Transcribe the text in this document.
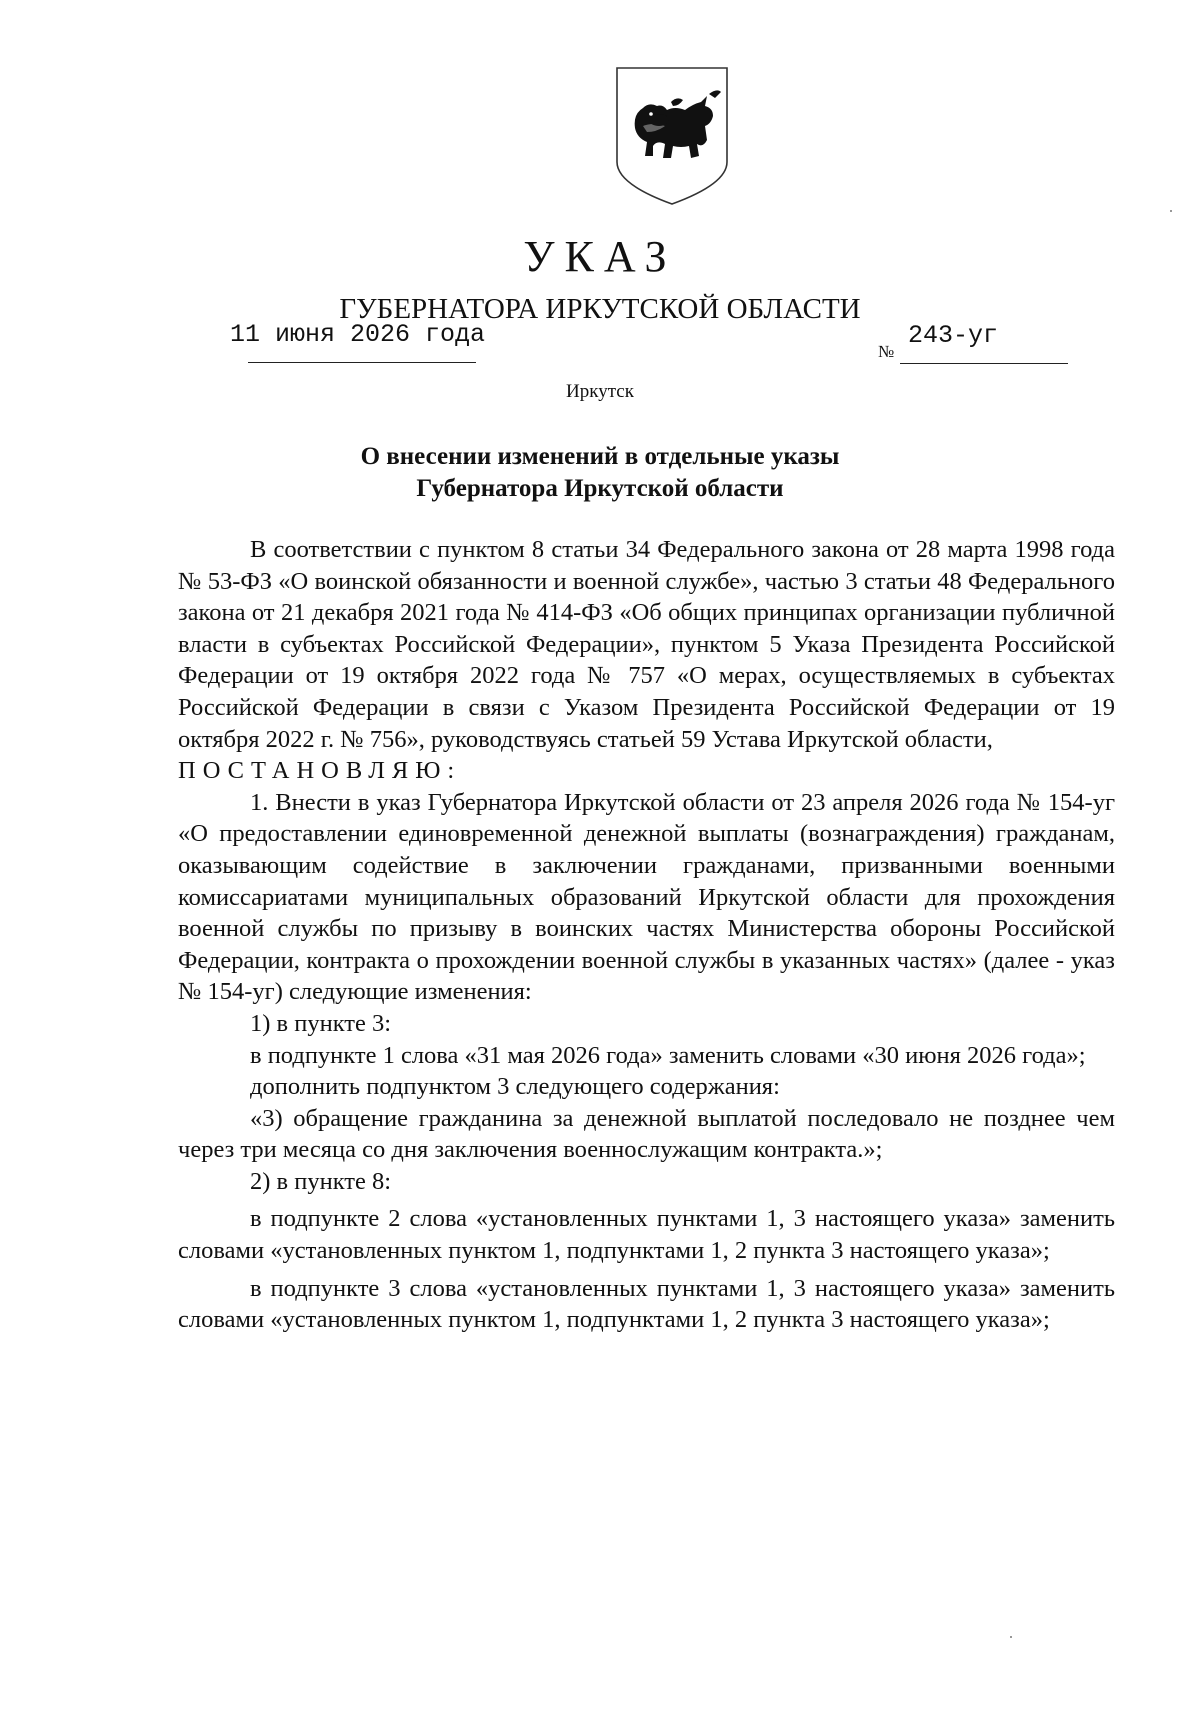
УКАЗ
ГУБЕРНАТОРА ИРКУТСКОЙ ОБЛАСТИ
11 июня 2026 года
№
243-уг
Иркутск
О внесении изменений в отдельные указы
Губернатора Иркутской области

В соответствии с пунктом 8 статьи 34 Федерального закона от 28 марта 1998 года № 53-ФЗ «О воинской обязанности и военной службе», частью 3 статьи 48 Федерального закона от 21 декабря 2021 года № 414-ФЗ «Об общих принципах организации публичной власти в субъектах Российской Федерации», пунктом 5 Указа Президента Российской Федерации от 19 октября 2022 года № 757 «О мерах, осуществляемых в субъектах Российской Федерации в связи с Указом Президента Российской Федерации от 19 октября 2022 г. № 756», руководствуясь статьей 59 Устава Иркутской области,

ПОСТАНОВЛЯЮ:

1. Внести в указ Губернатора Иркутской области от 23 апреля 2026 года № 154-уг «О предоставлении единовременной денежной выплаты (вознаграждения) гражданам, оказывающим содействие в заключении гражданами, призванными военными комиссариатами муниципальных образований Иркутской области для прохождения военной службы по призыву в воинских частях Министерства обороны Российской Федерации, контракта о прохождении военной службы в указанных частях» (далее - указ № 154-уг) следующие изменения:

1) в пункте 3:

в подпункте 1 слова «31 мая 2026 года» заменить словами «30 июня 2026 года»;

дополнить подпунктом 3 следующего содержания:

«3) обращение гражданина за денежной выплатой последовало не позднее чем через три месяца со дня заключения военнослужащим контракта.»;

2) в пункте 8:

в подпункте 2 слова «установленных пунктами 1, 3 настоящего указа» заменить словами «установленных пунктом 1, подпунктами 1, 2 пункта 3 настоящего указа»;

в подпункте 3 слова «установленных пунктами 1, 3 настоящего указа» заменить словами «установленных пунктом 1, подпунктами 1, 2 пункта 3 настоящего указа»;
